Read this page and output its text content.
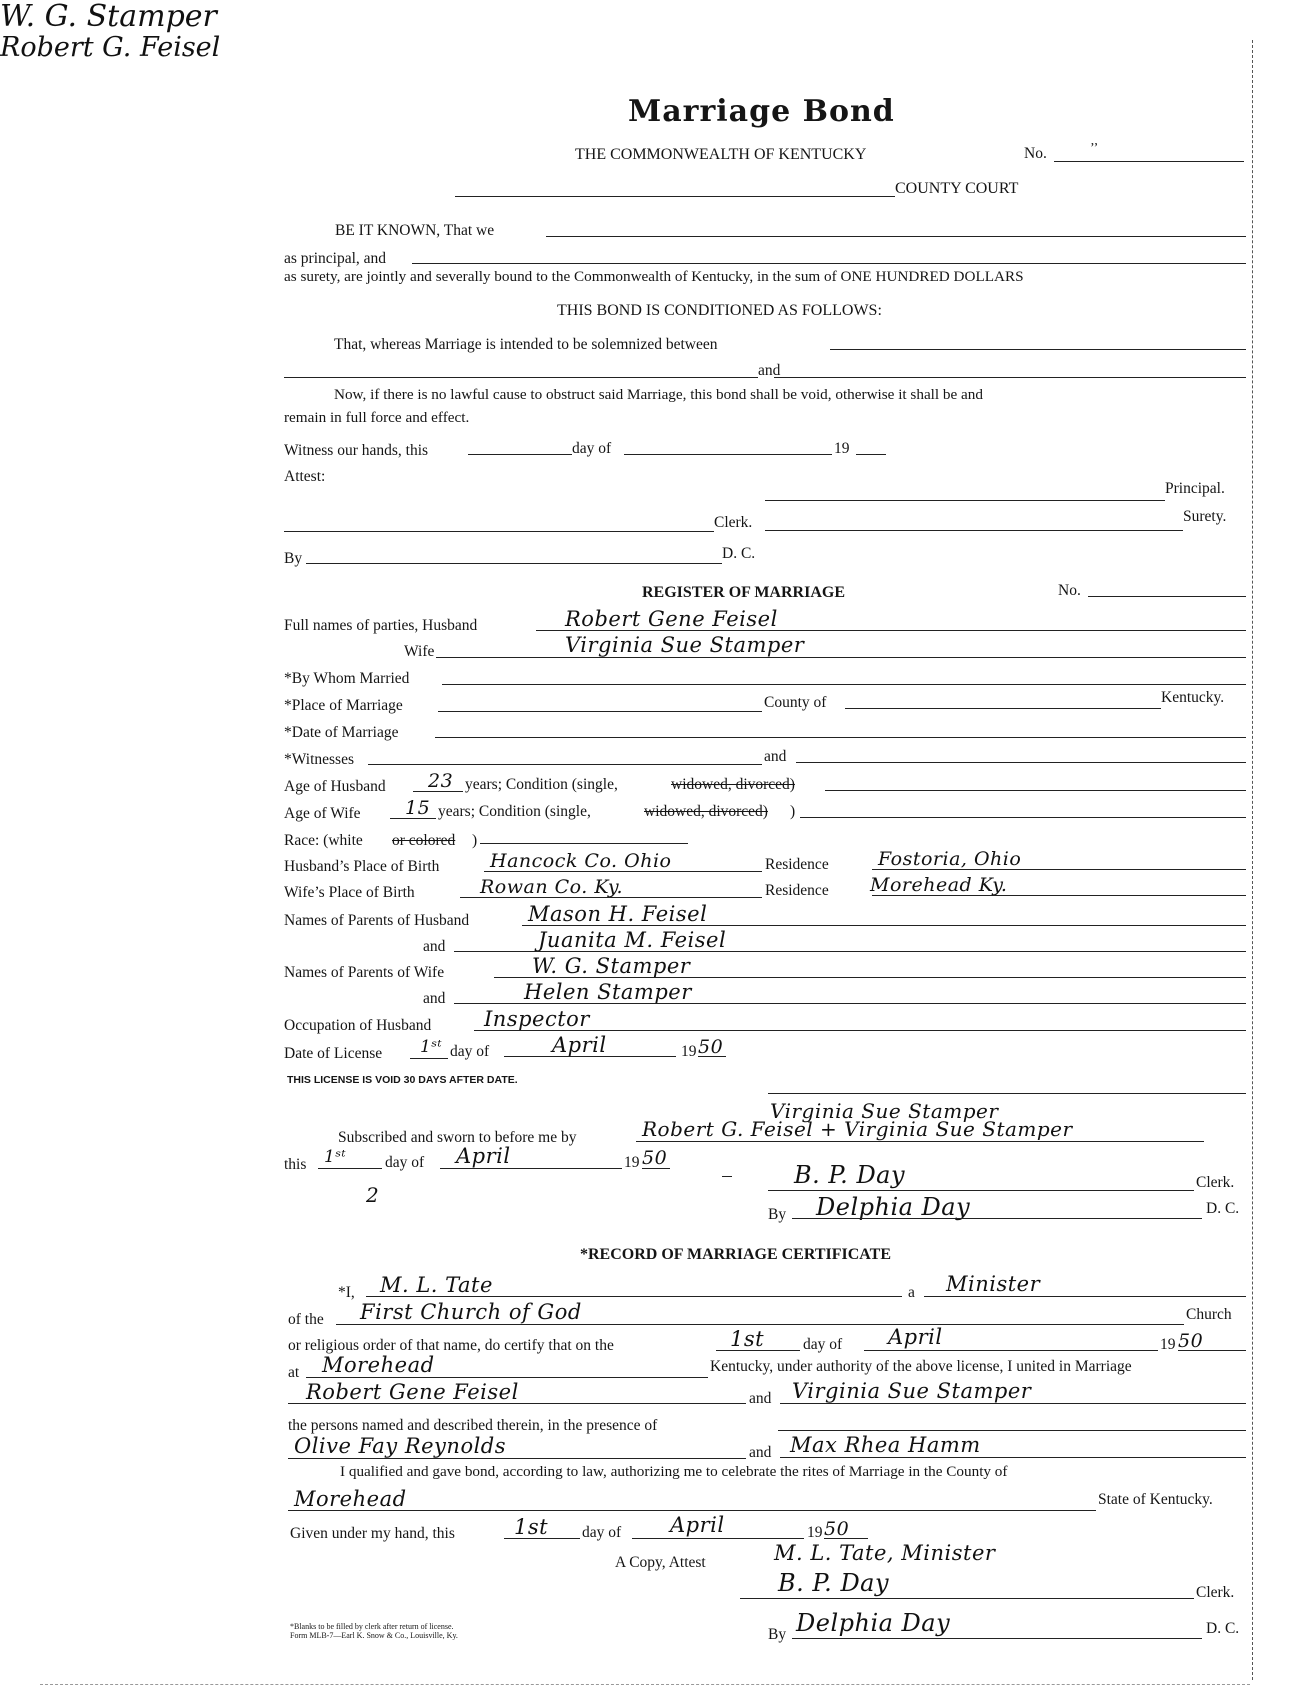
Marriage Bond
THE COMMONWEALTH OF KENTUCKY	No.	’’
COUNTY COURT
BE IT KNOWN, That we
as principal, and
as surety, are jointly and severally bound to the Commonwealth of Kentucky, in the sum of ONE HUNDRED DOLLARS
THIS BOND IS CONDITIONED AS FOLLOWS:
That, whereas Marriage is intended to be solemnized between
and
Now, if there is no lawful cause to obstruct said Marriage, this bond shall be void, otherwise it shall be and
remain in full force and effect.
Witness our hands, this	day of	19
Attest:
Principal.
Clerk.	Surety.
By	D. C.
REGISTER OF MARRIAGE	No.
Full names of parties, Husband	Robert Gene Feisel
Wife	Virginia Sue Stamper
*By Whom Married
*Place of Marriage	County of	Kentucky.
*Date of Marriage
*Witnesses	and
Age of Husband 23 years; Condition (single,	widowed, divorced)
Age of Wife 15 years; Condition (single,	widowed, divorced) )
Race: (white or colored )
Husband’s Place of Birth	Hancock Co. Ohio	Residence	Fostoria, Ohio
Wife’s Place of Birth	Rowan Co. Ky.	Residence Morehead Ky.
Names of Parents of Husband	Mason H. Feisel
and	Juanita M. Feisel
Names of Parents of Wife	W. G. Stamper
and	Helen Stamper
Occupation of Husband	Inspector
Date of License 1ˢᵗ day of	April	19 50
THIS LICENSE IS VOID 30 DAYS AFTER DATE.
W. G. Stamper
Robert G. Feisel
Virginia Sue Stamper
Subscribed and sworn to before me by	Robert G. Feisel + Virginia Sue Stamper
this 1ˢᵗ	day of April	19 50
2
B. P. Day	Clerk.
By Delphia Day	D. C.
*RECORD OF MARRIAGE CERTIFICATE
*I, M. L. Tate	a Minister
of the First Church of God	Church
or religious order of that name, do certify that on the	1st	day of April	19 50
at Morehead	Kentucky, under authority of the above license, I united in Marriage
Robert Gene Feisel	and Virginia Sue Stamper
the persons named and described therein, in the presence of
Olive Fay Reynolds	and Max Rhea Hamm
I qualified and gave bond, according to law, authorizing me to celebrate the rites of Marriage in the County of
Morehead	State of Kentucky.
Given under my hand, this	1st day of April	19 50
A Copy, Attest	M. L. Tate, Minister
B. P. Day	Clerk.
By Delphia Day	D. C.
*Blanks to be filled by clerk after return of license.
Form MLB-7—Earl K. Snow & Co., Louisville, Ky.
